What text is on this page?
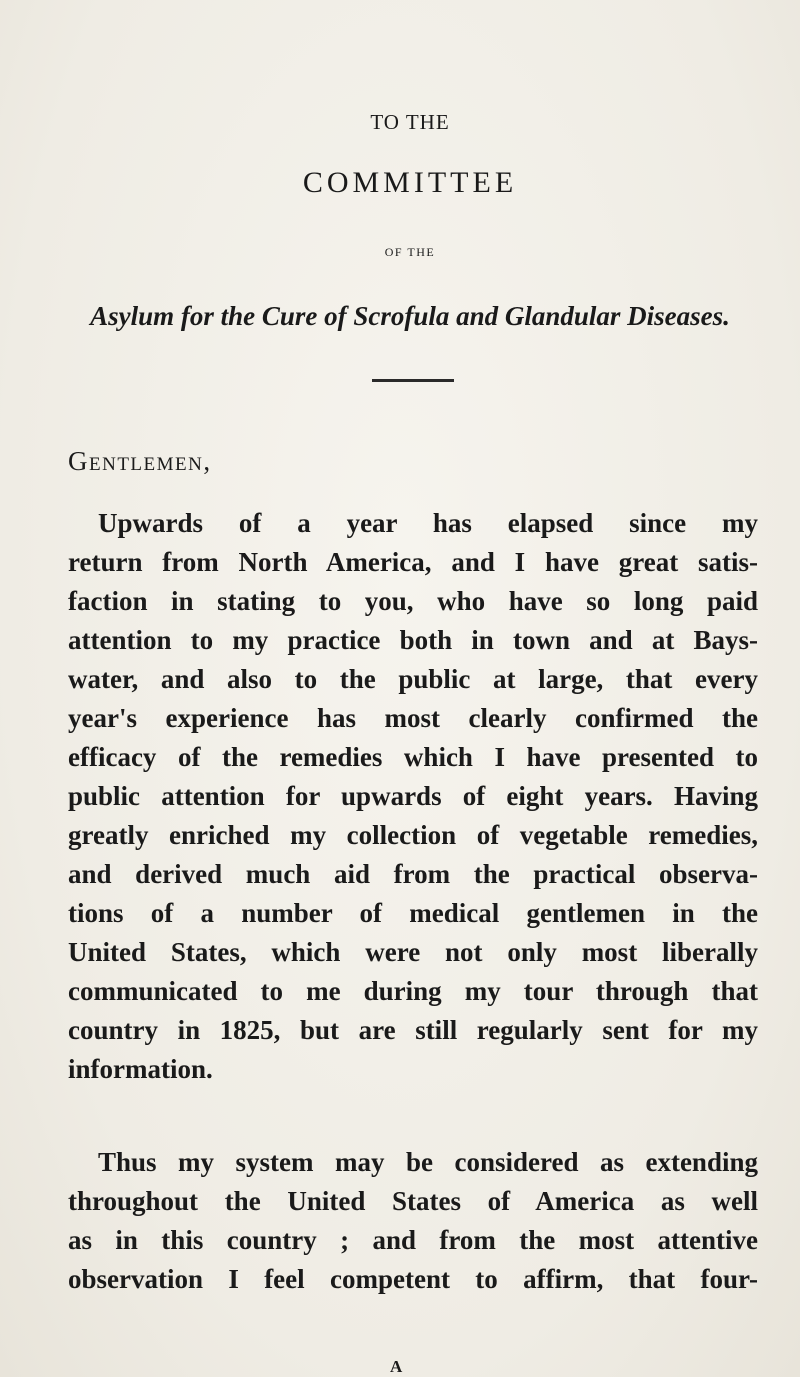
TO THE
COMMITTEE
OF THE
Asylum for the Cure of Scrofula and Glandular Diseases.
Gentlemen,
Upwards of a year has elapsed since my
return from North America, and I have great satis-
faction in stating to you, who have so long paid
attention to my practice both in town and at Bays-
water, and also to the public at large, that every
year's experience has most clearly confirmed the
efficacy of the remedies which I have presented to
public attention for upwards of eight years. Having
greatly enriched my collection of vegetable remedies,
and derived much aid from the practical observa-
tions of a number of medical gentlemen in the
United States, which were not only most liberally
communicated to me during my tour through that
country in 1825, but are still regularly sent for my
information.
Thus my system may be considered as extending
throughout the United States of America as well
as in this country ; and from the most attentive
observation I feel competent to affirm, that four-
A
